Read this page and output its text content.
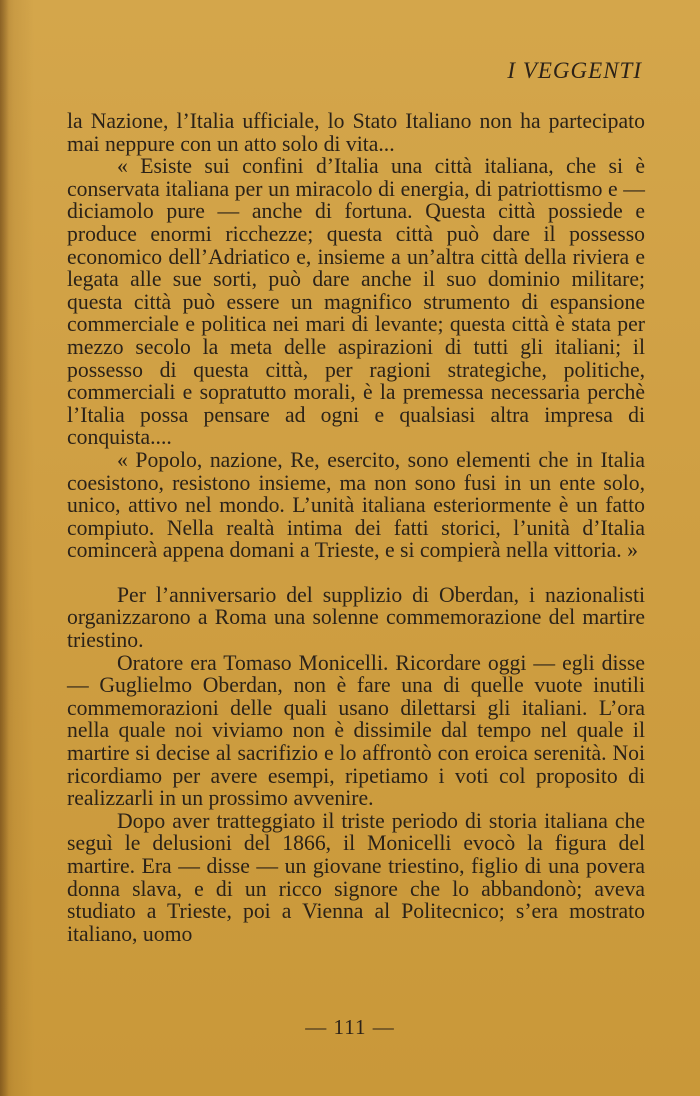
I VEGGENTI

la Nazione, l’Italia ufficiale, lo Stato Italiano non ha partecipato mai neppure con un atto solo di vita...

« Esiste sui confini d’Italia una città italiana, che si è conservata italiana per un miracolo di energia, di patriottismo e — diciamolo pure — anche di fortuna. Questa città possiede e produce enormi ricchezze; questa città può dare il possesso economico dell’Adriatico e, insieme a un’altra città della riviera e legata alle sue sorti, può dare anche il suo dominio militare; questa città può essere un magnifico strumento di espansione commerciale e politica nei mari di levante; questa città è stata per mezzo secolo la meta delle aspirazioni di tutti gli italiani; il possesso di questa città, per ragioni strategiche, politiche, commerciali e sopratutto morali, è la premessa necessaria perchè l’Italia possa pensare ad ogni e qualsiasi altra impresa di conquista....

« Popolo, nazione, Re, esercito, sono elementi che in Italia coesistono, resistono insieme, ma non sono fusi in un ente solo, unico, attivo nel mondo. L’unità italiana esteriormente è un fatto compiuto. Nella realtà intima dei fatti storici, l’unità d’Italia comincerà appena domani a Trieste, e si compierà nella vittoria. »

Per l’anniversario del supplizio di Oberdan, i nazionalisti organizzarono a Roma una solenne commemorazione del martire triestino.

Oratore era Tomaso Monicelli. Ricordare oggi — egli disse — Guglielmo Oberdan, non è fare una di quelle vuote inutili commemorazioni delle quali usano dilettarsi gli italiani. L’ora nella quale noi viviamo non è dissimile dal tempo nel quale il martire si decise al sacrifizio e lo affrontò con eroica serenità. Noi ricordiamo per avere esempi, ripetiamo i voti col proposito di realizzarli in un prossimo avvenire.

Dopo aver tratteggiato il triste periodo di storia italiana che seguì le delusioni del 1866, il Monicelli evocò la figura del martire. Era — disse — un giovane triestino, figlio di una povera donna slava, e di un ricco signore che lo abbandonò; aveva studiato a Trieste, poi a Vienna al Politecnico; s’era mostrato italiano, uomo

— 111 —
